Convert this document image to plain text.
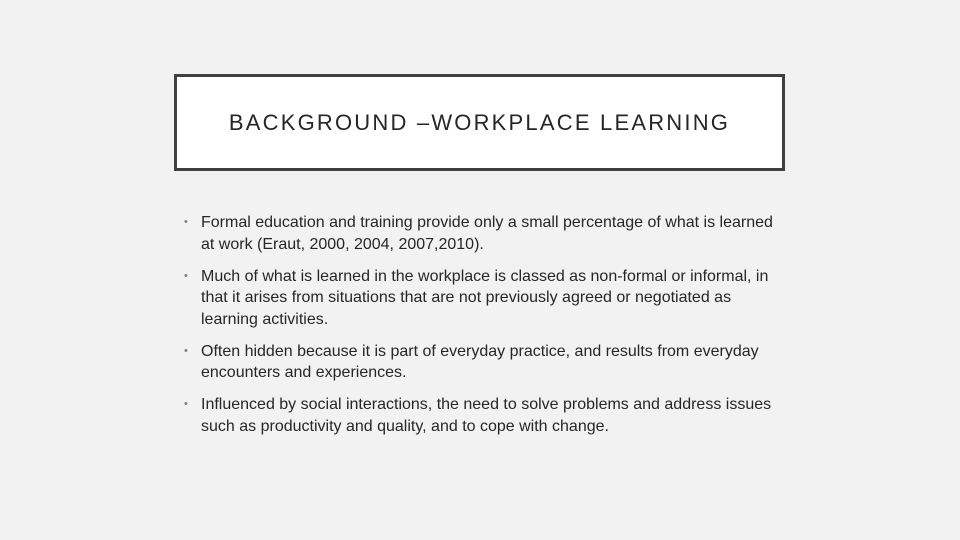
BACKGROUND –WORKPLACE LEARNING
• Formal education and training provide only a small percentage of what is learned at work (Eraut, 2000, 2004, 2007,2010).
• Much of what is learned in the workplace is classed as non-formal or informal, in that it arises from situations that are not previously agreed or negotiated as learning activities.
• Often hidden because it is part of everyday practice, and results from everyday encounters and experiences.
• Influenced by social interactions, the need to solve problems and address issues such as productivity and quality, and to cope with change.
